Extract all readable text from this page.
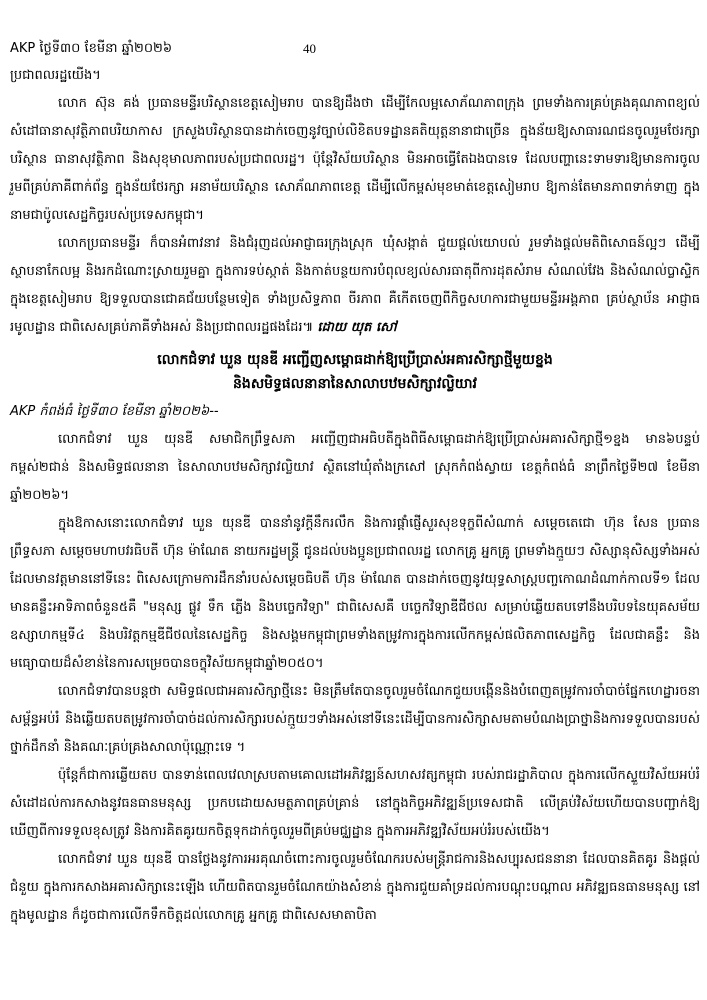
AKP ថ្ងៃទី៣០ ខែមីនា ឆ្នាំ២០២៦	40

ប្រជាពលរដ្ឋយើង។

លោក ស៊ុន គង់ ប្រធានមន្ទីរបរិស្ថានខេត្តសៀមរាប បានឱ្យដឹងថា ដើម្បីកែលម្អសោភ័ណភាពក្រុង ព្រមទាំងការគ្រប់គ្រងគុណភាពខ្យល់សំដៅធានាសុវត្ថិភាពបរិយាកាស ក្រសួងបរិស្ថានបានដាក់ចេញនូវច្បាប់លិខិតបទដ្ឋានគតិយុត្តនានាជាច្រើន ក្នុងន័យឱ្យសាធារណជនចូលរួមថែរក្សាបរិស្ថាន ធានាសុវត្ថិភាព និងសុខុមាលភាពរបស់ប្រជាពលរដ្ឋ។ ប៉ុន្តែវិស័យបរិស្ថាន មិនអាចធ្វើតែឯងបានទេ ដែលបញ្ហានេះទាមទារឱ្យមានការចូលរួមពីគ្រប់ភាគីពាក់ព័ន្ធ ក្នុងន័យថែរក្សា អនាម័យបរិស្ថាន សោភ័ណភាពខេត្ត ដើម្បីលើកម្ពស់មុខមាត់ខេត្តសៀមរាប ឱ្យកាន់តែមានភាពទាក់ទាញ ក្នុងនាមជាប៉ូលសេដ្ឋកិច្ចរបស់ប្រទេសកម្ពុជា។

លោកប្រធានមន្ទីរ ក៏បានអំពាវនាវ និងជំរុញដល់អាជ្ញាធរក្រុងស្រុក ឃុំសង្កាត់ ជួយផ្តល់យោបល់ រួមទាំងផ្តល់មតិពិសោធន៍ល្អៗ ដើម្បីស្ថាបនាកែលម្អ និងរកដំណោះស្រាយរួមគ្នា ក្នុងការទប់ស្កាត់ និងកាត់បន្ថយការបំពុលខ្យល់សារធាតុពីការដុតសំរាម សំណល់វែង និងសំណល់ប្លាស្ទិក ក្នុងខេត្តសៀមរាប ឱ្យទទួលបានជោគជ័យបន្ថែមទៀត ទាំងប្រសិទ្ធភាព ចីរភាព គឺកើតចេញពីកិច្ចសហការជាមួយមន្ទីរអង្គភាព គ្រប់ស្ថាប័ន អាជ្ញាធរមូលដ្ឋាន ជាពិសេសគ្រប់ភាគីទាំងអស់ និងប្រជាពលរដ្ឋផងដែរ៕ ដោយ យុត សៅ

លោកជំទាវ ឃួន យុនឌី អញ្ជើញសម្ពោធដាក់ឱ្យប្រើប្រាស់អគារសិក្សាថ្មីមួយខ្នង
និងសមិទ្ធផលនានានៃសាលាបឋមសិក្សាវល្លិយាវ

AKP កំពង់ធំ ថ្ងៃទី៣០ ខែមីនា ឆ្នាំ២០២៦--

លោកជំទាវ ឃួន យុនឌី សមាជិកព្រឹទ្ធសភា អញ្ជើញជាអធិបតីក្នុងពិធីសម្ពោធដាក់ឱ្យប្រើប្រាស់អគារសិក្សាថ្មី១ខ្នង មាន៦បន្ទប់ កម្ពស់២ជាន់ និងសមិទ្ធផលនានា នៃសាលាបឋមសិក្សាវល្លិយាវ ស្ថិតនៅឃុំតាំងក្រសៅ ស្រុកកំពង់ស្វាយ ខេត្តកំពង់ធំ នាព្រឹកថ្ងៃទី២៧ ខែមីនា ឆ្នាំ២០២៦។

ក្នុងឱកាសនោះលោកជំទាវ ឃួន យុនឌី បាននាំនូវក្តីនឹករលឹក និងការផ្តាំផ្ញើសួរសុខទុក្ខពីសំណាក់ សម្តេចតេជោ ហ៊ុន សែន ប្រធានព្រឹទ្ធសភា សម្តេចមហាបវរធិបតី ហ៊ុន ម៉ាណែត នាយករដ្ឋមន្ត្រី ជូនដល់បងប្អូនប្រជាពលរដ្ឋ លោកគ្រូ អ្នកគ្រូ ព្រមទាំងក្មួយៗ សិស្សានុសិស្សទាំងអស់ ដែលមានវត្តមាននៅទីនេះ ពិសេសក្រោមការដឹកនាំរបស់សម្តេចធិបតី ហ៊ុន ម៉ាណែត បានដាក់ចេញនូវយុទ្ធសាស្ត្របញ្ចកោណដំណាក់កាលទី១ ដែលមានគន្លឹះអាទិភាពចំនួន៥គឺ "មនុស្ស ផ្លូវ ទឹក ភ្លើង និងបច្ចេកវិទ្យា" ជាពិសេសគឺ បច្ចេកវិទ្យាឌីជីថល សម្រាប់ឆ្លើយតបទៅនឹងបរិបទនៃយុគសម័យឧស្សាហកម្មទី៤ និងបរិវត្តកម្មឌីជីថលនៃសេដ្ឋកិច្ច និងសង្គមកម្ពុជាព្រមទាំងតម្រូវការក្នុងការលើកកម្ពស់ផលិតភាពសេដ្ឋកិច្ច ដែលជាគន្លឹះ និងមធ្យោបាយដ៏សំខាន់នៃការសម្រេចបានចក្ខុវិស័យកម្ពុជាឆ្នាំ២០៥០។

លោកជំទាវបានបន្តថា សមិទ្ធផលជាអគារសិក្សាថ្មីនេះ មិនត្រឹមតែបានចូលរួមចំណែកជួយបង្កើននិងបំពេញតម្រូវការចាំបាច់ផ្នែកហេដ្ឋារចនាសម្ព័ន្ធអប់រំ និងឆ្លើយតបតម្រូវការចាំបាច់ដល់ការសិក្សារបស់ក្មួយៗទាំងអស់នៅទីនេះដើម្បីបានការសិក្សាសមតាមបំណងប្រាថ្នានិងការទទួលបានរបស់ថ្នាក់ដឹកនាំ និងគណៈគ្រប់គ្រងសាលាប៉ុណ្ណោះទេ ។

ប៉ុន្តែក៏ជាការឆ្លើយតប បានទាន់ពេលវេលាស្របតាមគោលដៅអភិវឌ្ឍន៍សហសវត្សកម្ពុជា របស់រាជរដ្ឋាភិបាល ក្នុងការលើកស្ទួយវិស័យអប់រំ សំដៅដល់ការកសាងនូវធនធានមនុស្ស ប្រកបដោយសមត្ថភាពគ្រប់គ្រាន់ នៅក្នុងកិច្ចអភិវឌ្ឍន៍ប្រទេសជាតិ លើគ្រប់វិស័យហើយបានបញ្ជាក់ឱ្យឃើញពីការទទួលខុសត្រូវ និងការគិតគូរយកចិត្តទុកដាក់ចូលរួមពីគ្រប់មជ្ឈដ្ឋាន ក្នុងការអភិវឌ្ឍវិស័យអប់រំរបស់យើង។

លោកជំទាវ ឃួន យុនឌី បានថ្លែងនូវការអរគុណចំពោះការចូលរួមចំណែករបស់មន្ត្រីរាជការនិងសប្បុរសជននានា ដែលបានគិតគូរ និងផ្តល់ជំនួយ ក្នុងការកសាងអគារសិក្សានេះឡើង ហើយពិតបានរួមចំណែកយ៉ាងសំខាន់ ក្នុងការជួយគាំទ្រដល់ការបណ្តុះបណ្តាល អភិវឌ្ឍធនធានមនុស្ស នៅក្នុងមូលដ្ឋាន ក៏ដូចជាការលើកទឹកចិត្តដល់លោកគ្រូ អ្នកគ្រូ ជាពិសេសមាតាបិតា
